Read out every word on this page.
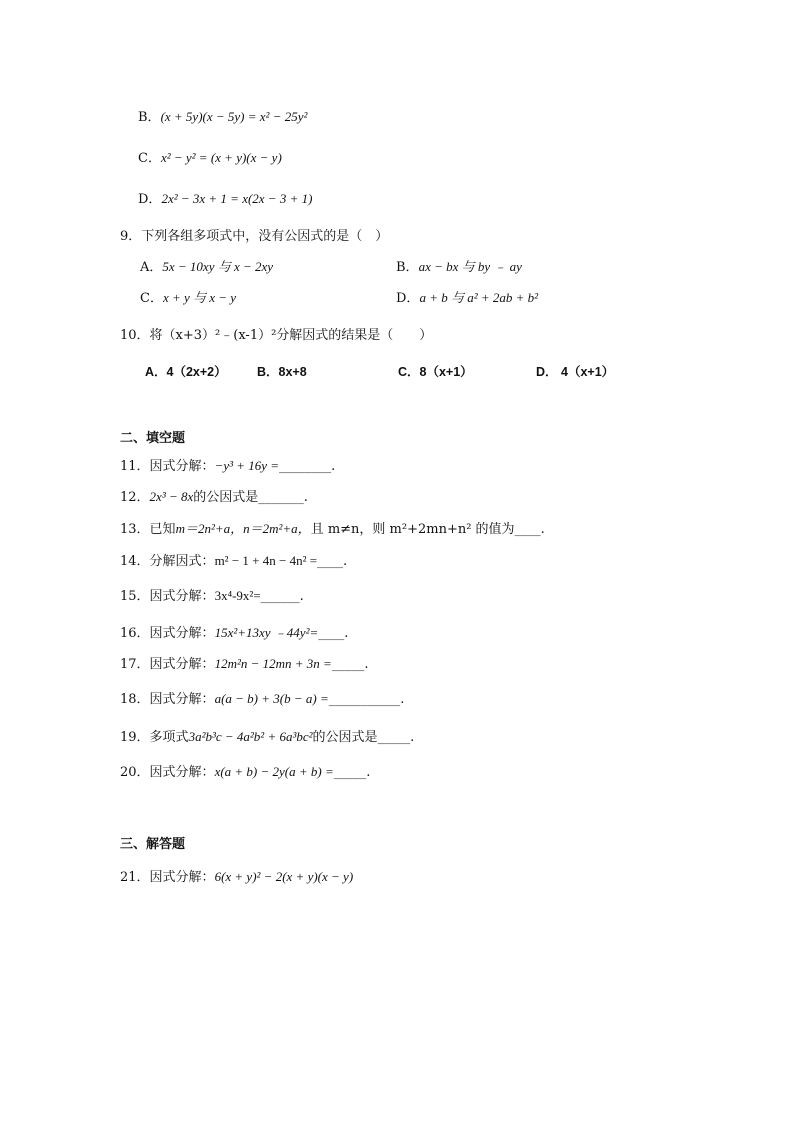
B．(x + 5y)(x − 5y) = x² − 25y²
C．x² − y² = (x + y)(x − y)
D．2x² − 3x + 1 = x(2x − 3 + 1)
9．下列各组多项式中，没有公因式的是（　）
A．5x − 10xy 与 x − 2xy	B．ax − bx 与 by ﹣ ay
C．x + y 与 x − y	D．a + b 与 a² + 2ab + b²
10．将（x+3）²﹣(x-1）²分解因式的结果是（　　）
A．4（2x+2） B．8x+8	C．8（x+1）	D． 4（x+1）
二、填空题
11．因式分解：−y³ + 16y =________.
12．2x³ − 8x的公因式是_______.
13．已知m＝2n²+a，n＝2m²+a，且 m≠n，则 m²+2mn+n² 的值为____.
14．分解因式：m² − 1 + 4n − 4n² =____.
15．因式分解：3x⁴-9x²=______.
16．因式分解：15x²+13xy ﹣44y²=____.
17．因式分解：12m²n − 12mn + 3n =_____.
18．因式分解：a(a − b) + 3(b − a) =___________.
19．多项式3a²b³c − 4a²b² + 6a³bc²的公因式是_____.
20．因式分解：x(a + b) − 2y(a + b) =_____.
三、解答题
21．因式分解：6(x + y)² − 2(x + y)(x − y)
